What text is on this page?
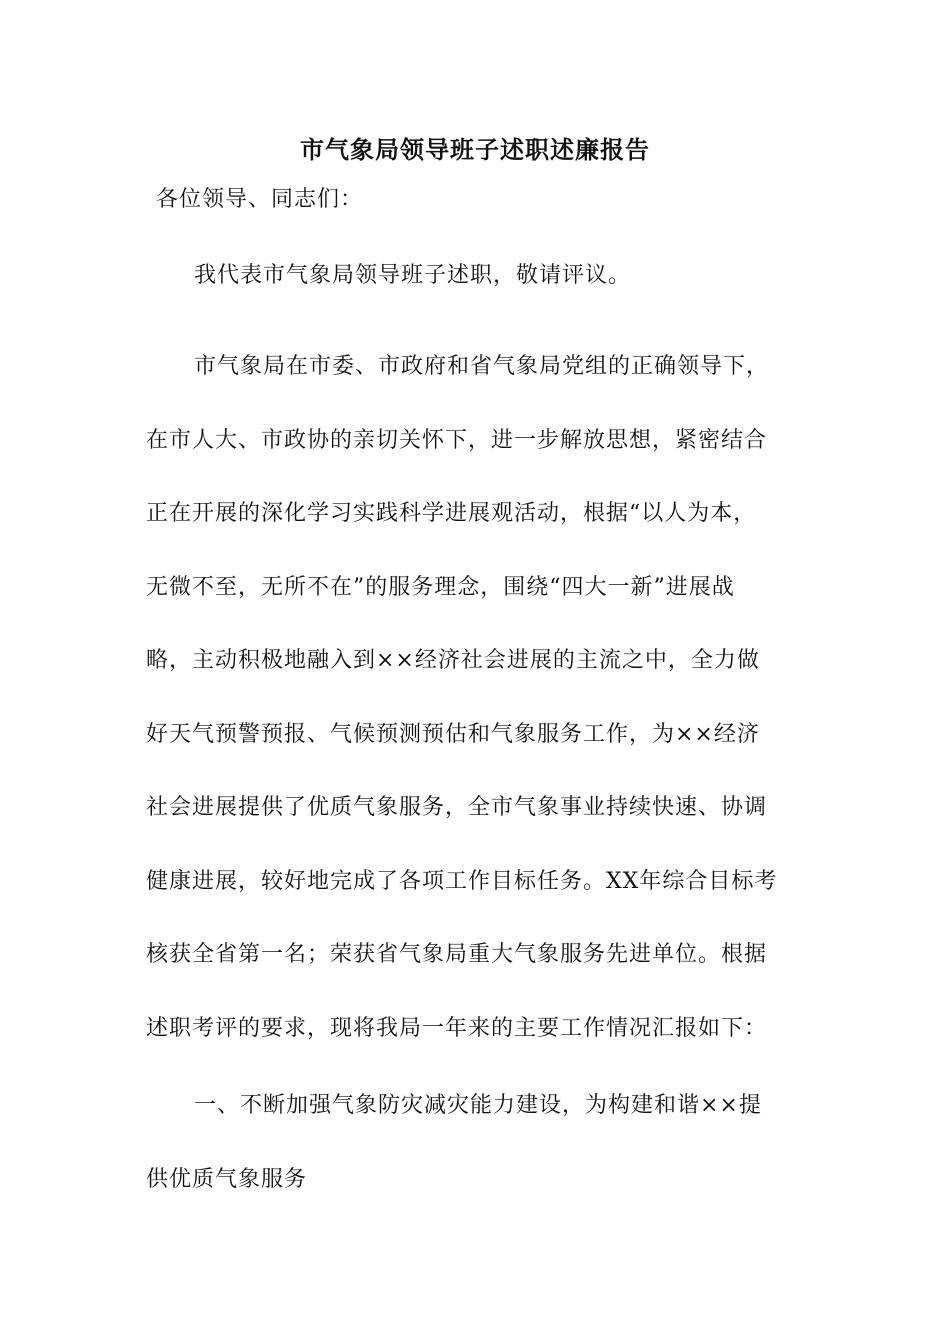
市气象局领导班子述职述廉报告
各位领导、同志们：
我代表市气象局领导班子述职，敬请评议。
市气象局在市委、市政府和省气象局党组的正确领导下，
在市人大、市政协的亲切关怀下，进一步解放思想，紧密结合
正在开展的深化学习实践科学进展观活动，根据“以人为本，
无微不至，无所不在”的服务理念，围绕“四大一新”进展战
略，主动积极地融入到××经济社会进展的主流之中，全力做
好天气预警预报、气候预测预估和气象服务工作，为××经济
社会进展提供了优质气象服务，全市气象事业持续快速、协调
健康进展，较好地完成了各项工作目标任务。XX年综合目标考
核获全省第一名；荣获省气象局重大气象服务先进单位。根据
述职考评的要求，现将我局一年来的主要工作情况汇报如下：
一、不断加强气象防灾减灾能力建设，为构建和谐××提
供优质气象服务
